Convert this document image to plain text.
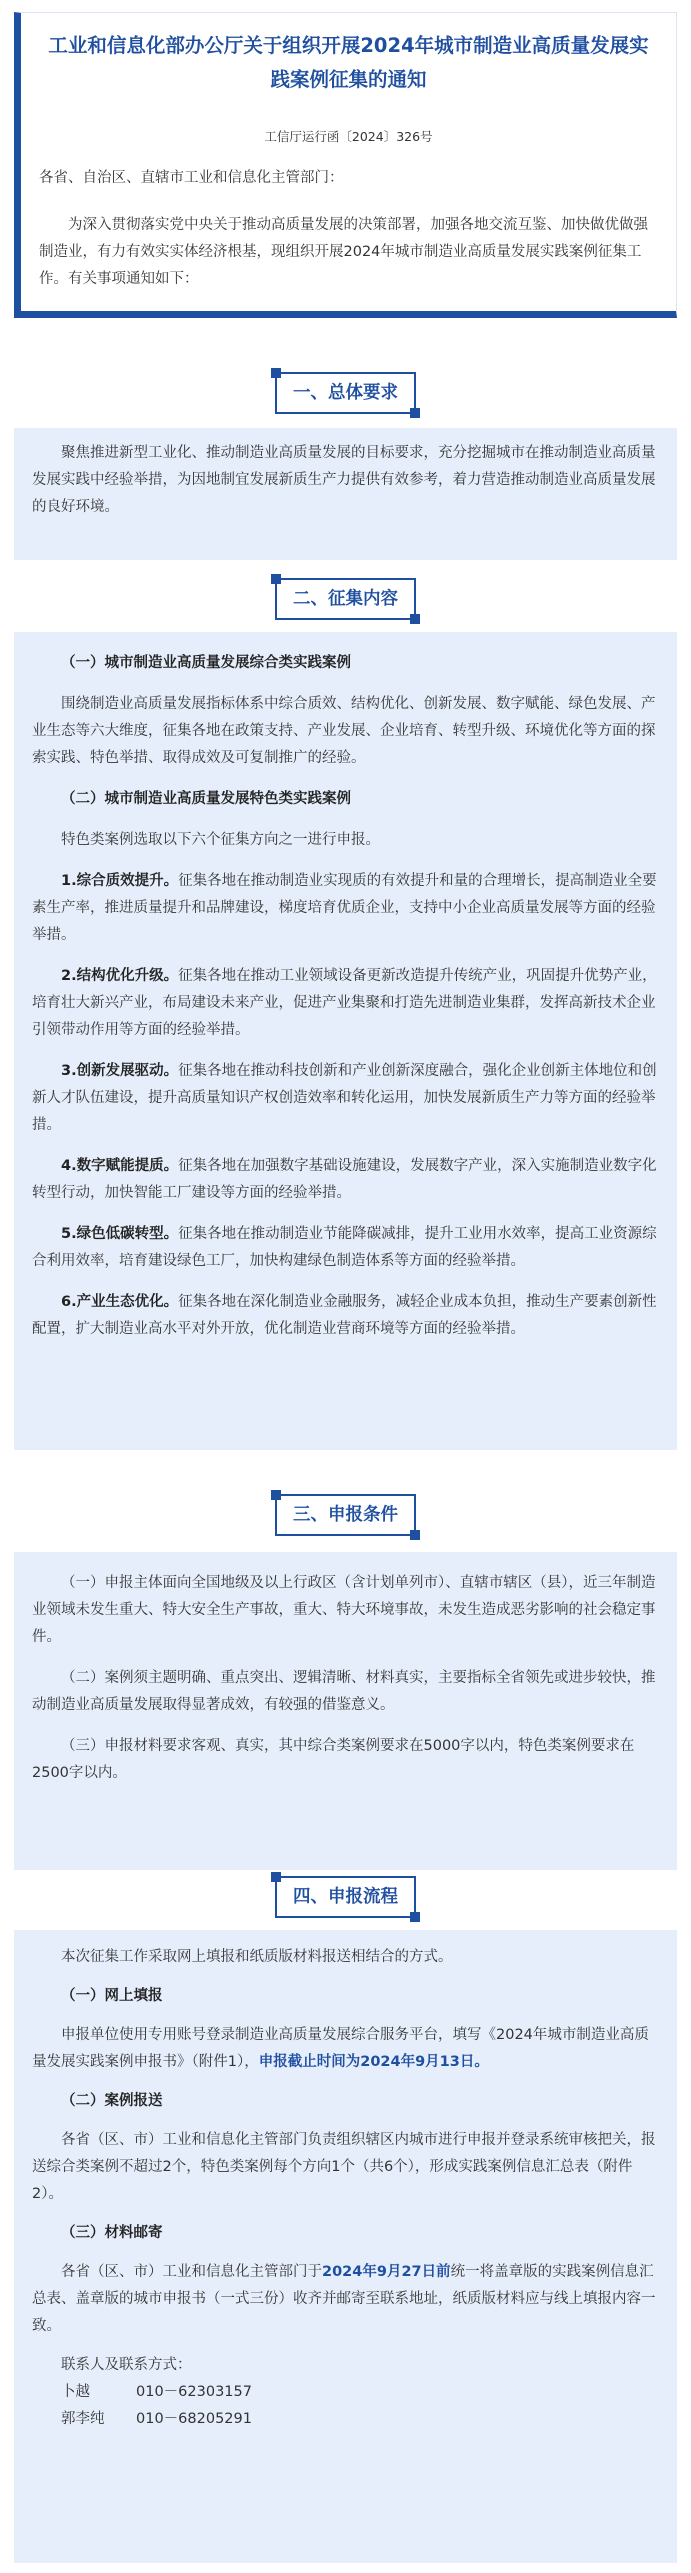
工业和信息化部办公厅关于组织开展2024年城市制造业高质量发展实践案例征集的通知
工信厅运行函〔2024〕326号

各省、自治区、直辖市工业和信息化主管部门：

为深入贯彻落实党中央关于推动高质量发展的决策部署，加强各地交流互鉴、加快做优做强制造业，有力有效实实体经济根基，现组织开展2024年城市制造业高质量发展实践案例征集工作。有关事项通知如下：

一、总体要求

聚焦推进新型工业化、推动制造业高质量发展的目标要求，充分挖掘城市在推动制造业高质量发展实践中经验举措，为因地制宜发展新质生产力提供有效参考，着力营造推动制造业高质量发展的良好环境。

二、征集内容

（一）城市制造业高质量发展综合类实践案例

围绕制造业高质量发展指标体系中综合质效、结构优化、创新发展、数字赋能、绿色发展、产业生态等六大维度，征集各地在政策支持、产业发展、企业培育、转型升级、环境优化等方面的探索实践、特色举措、取得成效及可复制推广的经验。

（二）城市制造业高质量发展特色类实践案例

特色类案例选取以下六个征集方向之一进行申报。

1.综合质效提升。征集各地在推动制造业实现质的有效提升和量的合理增长，提高制造业全要素生产率，推进质量提升和品牌建设，梯度培育优质企业，支持中小企业高质量发展等方面的经验举措。

2.结构优化升级。征集各地在推动工业领域设备更新改造提升传统产业，巩固提升优势产业，培育壮大新兴产业，布局建设未来产业，促进产业集聚和打造先进制造业集群，发挥高新技术企业引领带动作用等方面的经验举措。

3.创新发展驱动。征集各地在推动科技创新和产业创新深度融合，强化企业创新主体地位和创新人才队伍建设，提升高质量知识产权创造效率和转化运用，加快发展新质生产力等方面的经验举措。

4.数字赋能提质。征集各地在加强数字基础设施建设，发展数字产业，深入实施制造业数字化转型行动，加快智能工厂建设等方面的经验举措。

5.绿色低碳转型。征集各地在推动制造业节能降碳减排，提升工业用水效率，提高工业资源综合利用效率，培育建设绿色工厂，加快构建绿色制造体系等方面的经验举措。

6.产业生态优化。征集各地在深化制造业金融服务，减轻企业成本负担，推动生产要素创新性配置，扩大制造业高水平对外开放，优化制造业营商环境等方面的经验举措。

三、申报条件

（一）申报主体面向全国地级及以上行政区（含计划单列市）、直辖市辖区（县），近三年制造业领域未发生重大、特大安全生产事故，重大、特大环境事故，未发生造成恶劣影响的社会稳定事件。

（二）案例须主题明确、重点突出、逻辑清晰、材料真实，主要指标全省领先或进步较快，推动制造业高质量发展取得显著成效，有较强的借鉴意义。

（三）申报材料要求客观、真实，其中综合类案例要求在5000字以内，特色类案例要求在2500字以内。

四、申报流程

本次征集工作采取网上填报和纸质版材料报送相结合的方式。

（一）网上填报

申报单位使用专用账号登录制造业高质量发展综合服务平台，填写《2024年城市制造业高质量发展实践案例申报书》（附件1），申报截止时间为2024年9月13日。

（二）案例报送

各省（区、市）工业和信息化主管部门负责组织辖区内城市进行申报并登录系统审核把关，报送综合类案例不超过2个，特色类案例每个方向1个（共6个），形成实践案例信息汇总表（附件2）。

（三）材料邮寄

各省（区、市）工业和信息化主管部门于2024年9月27日前统一将盖章版的实践案例信息汇总表、盖章版的城市申报书（一式三份）收齐并邮寄至联系地址，纸质版材料应与线上填报内容一致。

联系人及联系方式：

卜越	010－62303157

郭李纯 010－68205291
